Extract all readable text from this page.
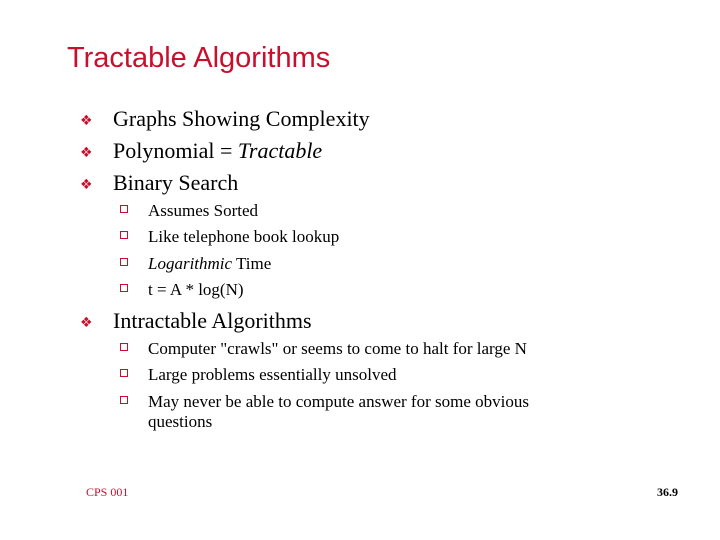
Tractable Algorithms
❖ Graphs Showing Complexity
❖ Polynomial = Tractable
❖ Binary Search
Assumes Sorted
Like telephone book lookup
Logarithmic Time
t = A * log(N)
❖ Intractable Algorithms
Computer "crawls" or seems to come to halt for large N
Large problems essentially unsolved
May never be able to compute answer for some obvious
questions
CPS 001	36.9
